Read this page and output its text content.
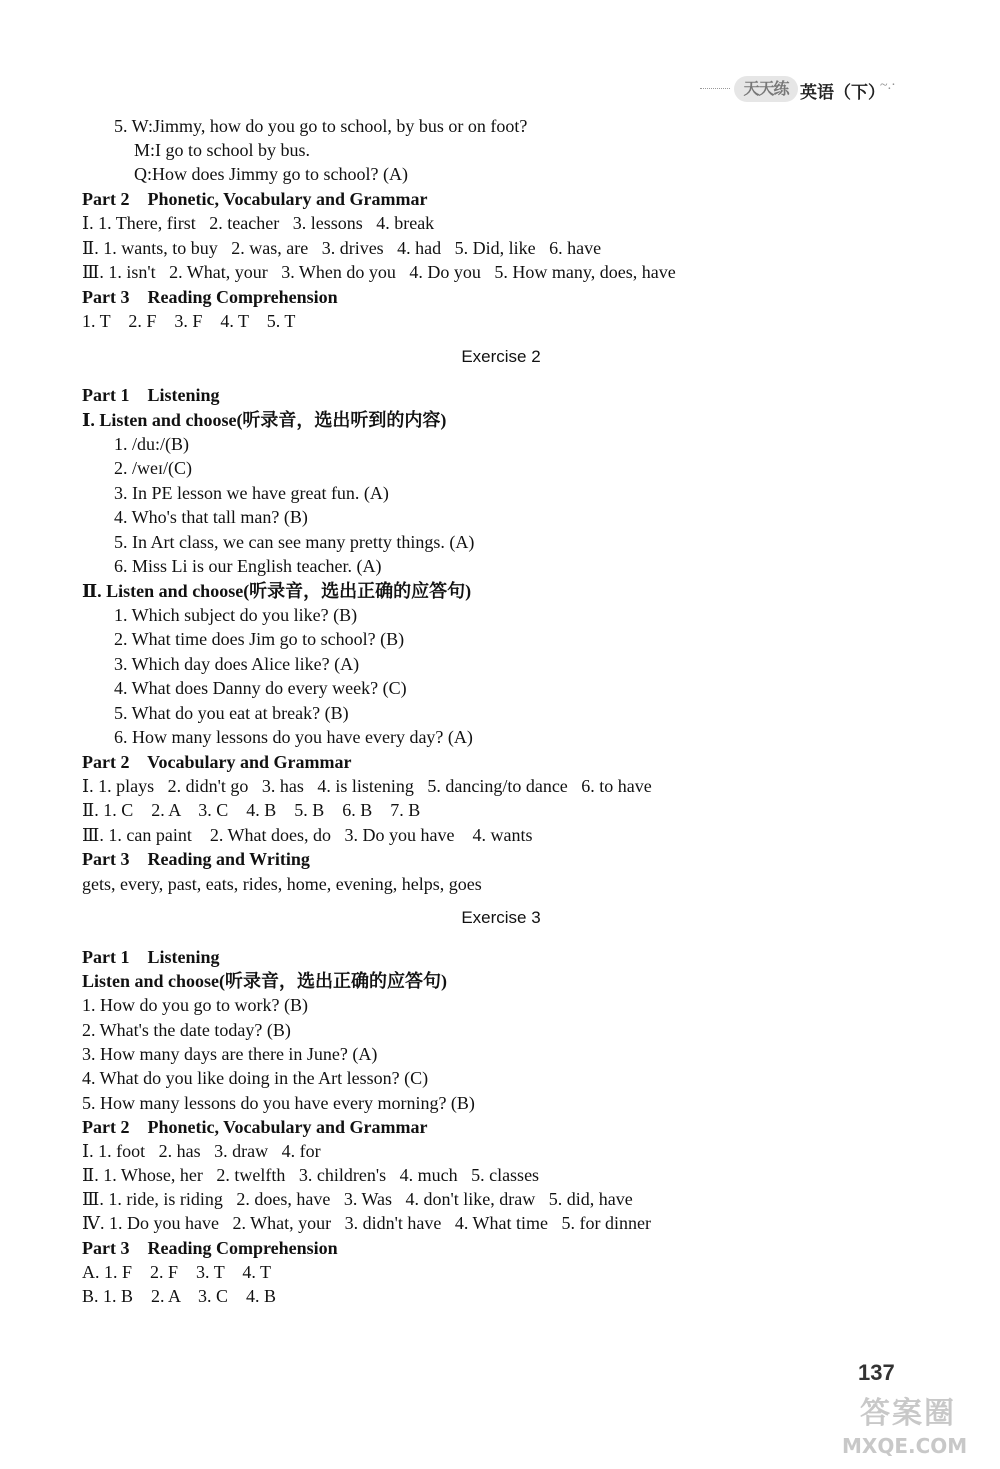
天天练 英语（下）
~.·
5. W:Jimmy, how do you go to school, by bus or on foot?
M:I go to school by bus.
Q:How does Jimmy go to school? (A)
Part 2    Phonetic, Vocabulary and Grammar
Ⅰ. 1. There, first   2. teacher   3. lessons   4. break
Ⅱ. 1. wants, to buy   2. was, are   3. drives   4. had   5. Did, like   6. have
Ⅲ. 1. isn't   2. What, your   3. When do you   4. Do you   5. How many, does, have
Part 3    Reading Comprehension
1. T    2. F    3. F    4. T    5. T
Exercise 2
Part 1    Listening
Ⅰ. Listen and choose(听录音，选出听到的内容)
1. /du:/(B)
2. /weɪ/(C)
3. In PE lesson we have great fun. (A)
4. Who's that tall man? (B)
5. In Art class, we can see many pretty things. (A)
6. Miss Li is our English teacher. (A)
Ⅱ. Listen and choose(听录音，选出正确的应答句)
1. Which subject do you like? (B)
2. What time does Jim go to school? (B)
3. Which day does Alice like? (A)
4. What does Danny do every week? (C)
5. What do you eat at break? (B)
6. How many lessons do you have every day? (A)
Part 2    Vocabulary and Grammar
Ⅰ. 1. plays   2. didn't go   3. has   4. is listening   5. dancing/to dance   6. to have
Ⅱ. 1. C    2. A    3. C    4. B    5. B    6. B    7. B
Ⅲ. 1. can paint    2. What does, do   3. Do you have    4. wants
Part 3    Reading and Writing
gets, every, past, eats, rides, home, evening, helps, goes
Exercise 3
Part 1    Listening
Listen and choose(听录音，选出正确的应答句)
1. How do you go to work? (B)
2. What's the date today? (B)
3. How many days are there in June? (A)
4. What do you like doing in the Art lesson? (C)
5. How many lessons do you have every morning? (B)
Part 2    Phonetic, Vocabulary and Grammar
Ⅰ. 1. foot   2. has   3. draw   4. for
Ⅱ. 1. Whose, her   2. twelfth   3. children's   4. much   5. classes
Ⅲ. 1. ride, is riding   2. does, have   3. Was   4. don't like, draw   5. did, have
Ⅳ. 1. Do you have   2. What, your   3. didn't have   4. What time   5. for dinner
Part 3    Reading Comprehension
A. 1. F    2. F    3. T    4. T
B. 1. B    2. A    3. C    4. B
137
答案圈
MXQE.COM
